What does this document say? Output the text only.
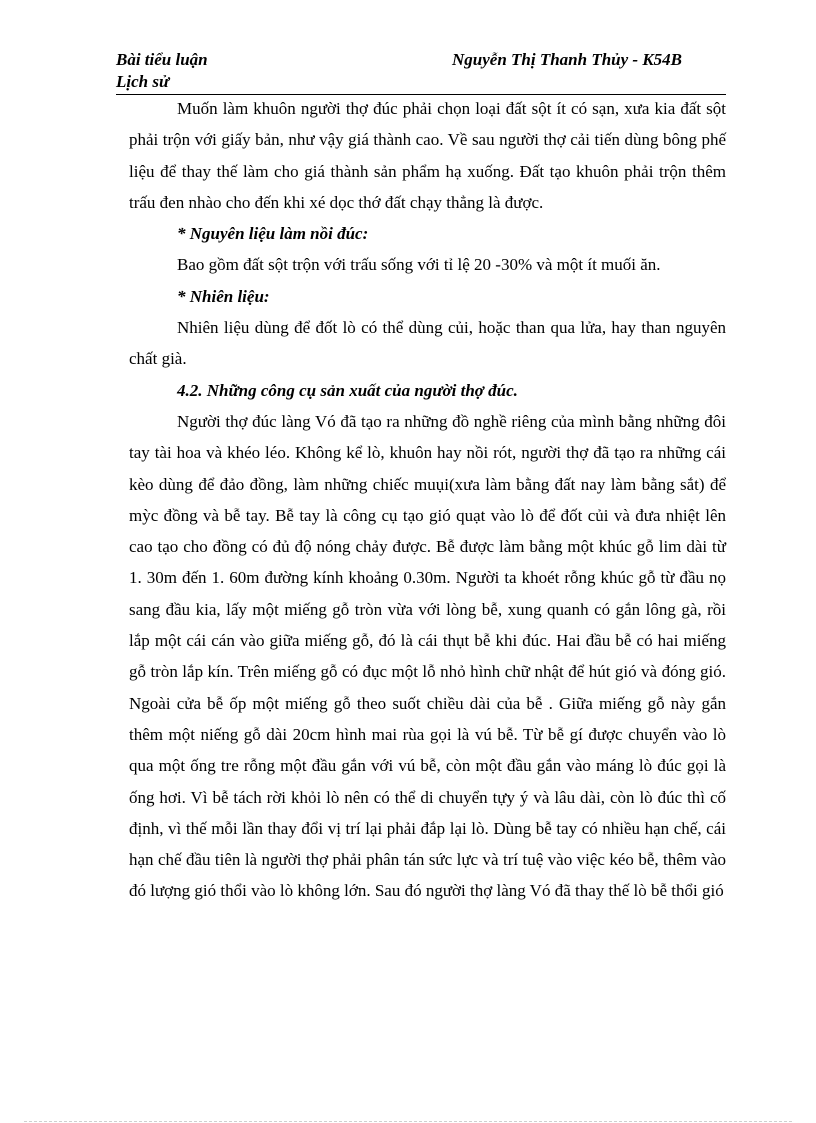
Bài tiểu luận	Nguyễn Thị Thanh Thủy - K54B
Lịch sử

Muốn làm khuôn người thợ đúc phải chọn loại đất sột ít có sạn, xưa kia đất sột phải trộn với giấy bản, như vậy giá thành cao. Về sau người thợ cải tiến dùng bông phế liệu để thay thế làm cho giá thành sản phẩm hạ xuống. Đất tạo khuôn phải trộn thêm trấu đen nhào cho đến khi xé dọc thớ đất chạy thẳng là được.

* Nguyên liệu làm nồi đúc:

Bao gồm đất sột trộn với trấu sống với tỉ lệ 20 -30% và một ít muối ăn.

* Nhiên liệu:

Nhiên liệu dùng để đốt lò có thể dùng củi, hoặc than qua lửa, hay than nguyên chất già.

4.2. Những công cụ sản xuất của người thợ đúc.

Người thợ đúc làng Vó đã tạo ra những đồ nghề riêng của mình bằng những đôi tay tài hoa và khéo léo. Không kể lò, khuôn hay nồi rót, người thợ đã tạo ra những cái kèo dùng để đảo đồng, làm những chiếc muụi(xưa làm bằng đất nay làm bằng sắt) để mỳc đồng và bễ tay. Bễ tay là công cụ tạo gió quạt vào lò để đốt củi và đưa nhiệt lên cao tạo cho đồng có đủ độ nóng chảy được. Bễ được làm bằng một khúc gỗ lim dài từ 1. 30m đến 1. 60m đường kính khoảng 0.30m. Người ta khoét rỗng khúc gỗ từ đầu nọ sang đầu kia, lấy một miếng gỗ tròn vừa với lòng bễ, xung quanh có gắn lông gà, rồi lắp một cái cán vào giữa miếng gỗ, đó là cái thụt bễ khi đúc. Hai đầu bễ có hai miếng gỗ tròn lắp kín. Trên miếng gỗ có đục một lỗ nhỏ hình chữ nhật để hút gió và đóng gió. Ngoài cửa bễ ốp một miếng gỗ theo suốt chiều dài của bễ . Giữa miếng gỗ này gắn thêm một niếng gỗ dài 20cm hình mai rùa gọi là vú bễ. Từ bễ gí được chuyển vào lò qua một ống tre rỗng một đầu gắn với vú bễ, còn một đầu gắn vào máng lò đúc gọi là ống hơi. Vì bễ tách rời khỏi lò nên có thể di chuyển tựy ý và lâu dài, còn lò đúc thì cố định, vì thế mỗi lần thay đổi vị trí lại phải đắp lại lò. Dùng bễ tay có nhiều hạn chế, cái hạn chế đầu tiên là người thợ phải phân tán sức lực và trí tuệ vào việc kéo bễ, thêm vào đó lượng gió thổi vào lò không lớn. Sau đó người thợ làng Vó đã thay thế lò bễ thổi gió
